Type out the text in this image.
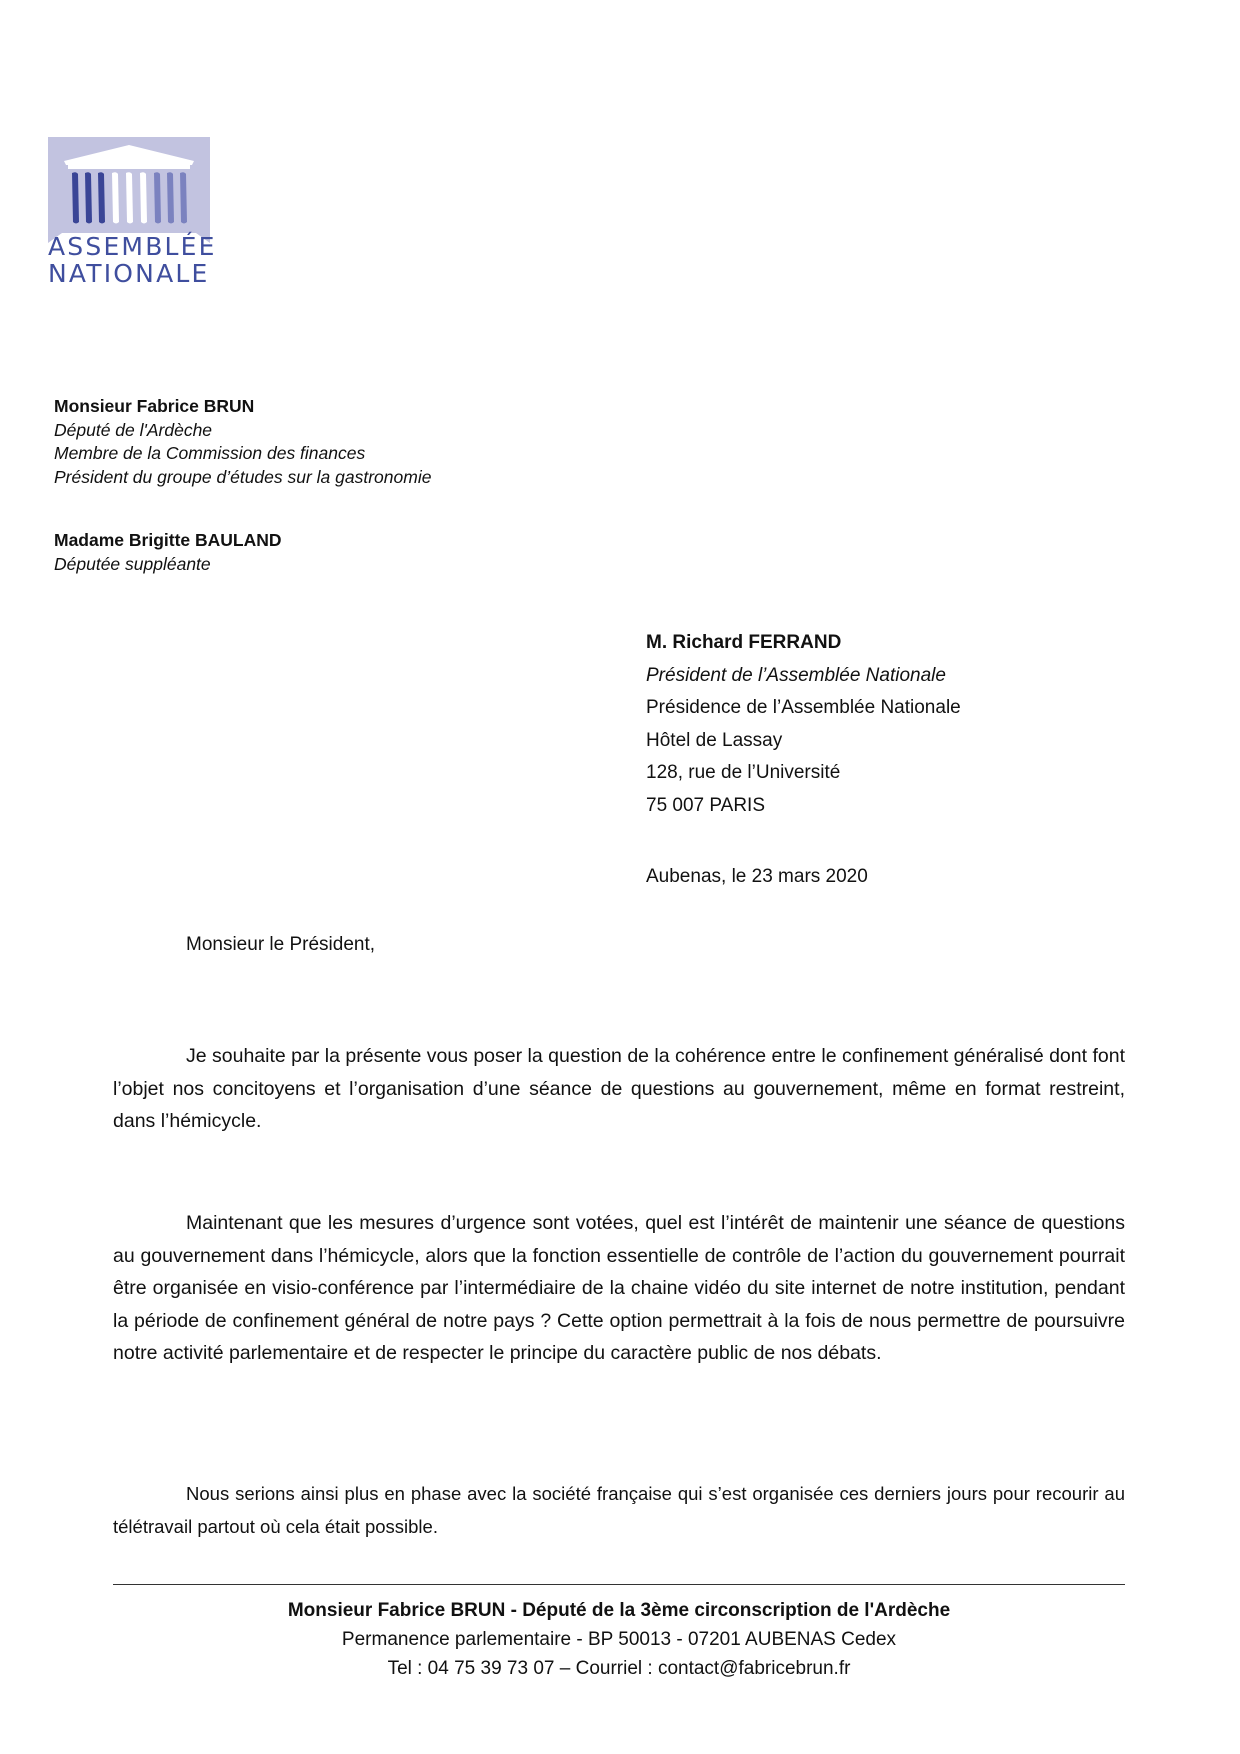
ASSEMBLÉE
NATIONALE
Monsieur Fabrice BRUN
Député de l'Ardèche
Membre de la Commission des finances
Président du groupe d’études sur la gastronomie
Madame Brigitte BAULAND
Députée suppléante
M. Richard FERRAND
Président de l’Assemblée Nationale
Présidence de l’Assemblée Nationale
Hôtel de Lassay
128, rue de l’Université
75 007 PARIS
Aubenas, le 23 mars 2020
Monsieur le Président,
Je souhaite par la présente vous poser la question de la cohérence entre le confinement généralisé dont font l’objet nos concitoyens et l’organisation d’une séance de questions au gouvernement, même en format restreint, dans l’hémicycle.
Maintenant que les mesures d’urgence sont votées, quel est l’intérêt de maintenir une séance de questions au gouvernement dans l’hémicycle, alors que la fonction essentielle de contrôle de l’action du gouvernement pourrait être organisée en visio-conférence par l’intermédiaire de la chaine vidéo du site internet de notre institution, pendant la période de confinement général de notre pays ? Cette option permettrait à la fois de nous permettre de poursuivre notre activité parlementaire et de respecter le principe du caractère public de nos débats.
Nous serions ainsi plus en phase avec la société française qui s’est organisée ces derniers jours pour recourir au télétravail partout où cela était possible.
Monsieur Fabrice BRUN - Député de la 3ème circonscription de l'Ardèche
Permanence parlementaire - BP 50013 - 07201 AUBENAS Cedex
Tel : 04 75 39 73 07 – Courriel : contact@fabricebrun.fr
